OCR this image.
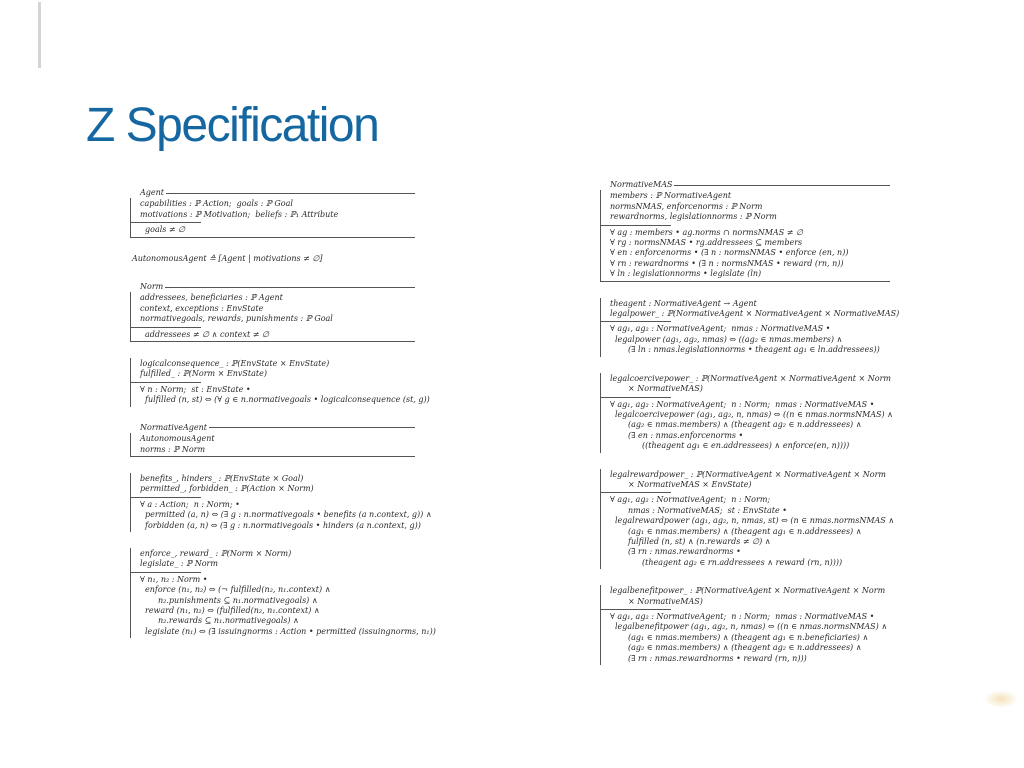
Z Specification
Agent
capabilities : ℙ Action;  goals : ℙ Goal
motivations : ℙ Motivation;  beliefs : ℙ₁ Attribute
goals ≠ ∅
AutonomousAgent ≙ [Agent | motivations ≠ ∅]
Norm
addressees, beneficiaries : ℙ Agent
context, exceptions : EnvState
normativegoals, rewards, punishments : ℙ Goal
addressees ≠ ∅ ∧ context ≠ ∅
logicalconsequence_ : ℙ(EnvState × EnvState)
fulfilled_ : ℙ(Norm × EnvState)
∀ n : Norm;  st : EnvState •
fulfilled (n, st) ⇔ (∀ g ∈ n.normativegoals • logicalconsequence (st, g))
NormativeAgent
AutonomousAgent
norms : ℙ Norm
benefits_, hinders_ : ℙ(EnvState × Goal)
permitted_, forbidden_ : ℙ(Action × Norm)
∀ a : Action;  n : Norm; •
permitted (a, n) ⇔ (∃ g : n.normativegoals • benefits (a n.context, g)) ∧
forbidden (a, n) ⇔ (∃ g : n.normativegoals • hinders (a n.context, g))
enforce_, reward_ : ℙ(Norm × Norm)
legislate_ : ℙ Norm
∀ n₁, n₂ : Norm •
enforce (n₁, n₂) ⇔ (¬ fulfilled(n₂, n₁.context) ∧
n₂.punishments ⊆ n₁.normativegoals) ∧
reward (n₁, n₂) ⇔ (fulfilled(n₂, n₁.context) ∧
n₂.rewards ⊆ n₁.normativegoals) ∧
legislate (n₁) ⇔ (∃ issuingnorms : Action • permitted (issuingnorms, n₁))
NormativeMAS
members : ℙ NormativeAgent
normsNMAS, enforcenorms : ℙ Norm
rewardnorms, legislationnorms : ℙ Norm
∀ ag : members • ag.norms ∩ normsNMAS ≠ ∅
∀ rg : normsNMAS • rg.addressees ⊆ members
∀ en : enforcenorms • (∃ n : normsNMAS • enforce (en, n))
∀ rn : rewardnorms • (∃ n : normsNMAS • reward (rn, n))
∀ ln : legislationnorms • legislate (ln)
theagent : NormativeAgent → Agent
legalpower_ : ℙ(NormativeAgent × NormativeAgent × NormativeMAS)
∀ ag₁, ag₂ : NormativeAgent;  nmas : NormativeMAS •
legalpower (ag₁, ag₂, nmas) ⇔ ((ag₂ ∈ nmas.members) ∧
(∃ ln : nmas.legislationnorms • theagent ag₁ ∈ ln.addressees))
legalcoercivepower_ : ℙ(NormativeAgent × NormativeAgent × Norm
× NormativeMAS)
∀ ag₁, ag₂ : NormativeAgent;  n : Norm;  nmas : NormativeMAS •
legalcoercivepower (ag₁, ag₂, n, nmas) ⇔ ((n ∈ nmas.normsNMAS) ∧
(ag₂ ∈ nmas.members) ∧ (theagent ag₂ ∈ n.addressees) ∧
(∃ en : nmas.enforcenorms •
((theagent ag₁ ∈ en.addressees) ∧ enforce(en, n))))
legalrewardpower_ : ℙ(NormativeAgent × NormativeAgent × Norm
× NormativeMAS × EnvState)
∀ ag₁, ag₂ : NormativeAgent;  n : Norm;
nmas : NormativeMAS;  st : EnvState •
legalrewardpower (ag₁, ag₂, n, nmas, st) ⇔ (n ∈ nmas.normsNMAS ∧
(ag₁ ∈ nmas.members) ∧ (theagent ag₁ ∈ n.addressees) ∧
fulfilled (n, st) ∧ (n.rewards ≠ ∅) ∧
(∃ rn : nmas.rewardnorms •
(theagent ag₂ ∈ rn.addressees ∧ reward (rn, n))))
legalbenefitpower_ : ℙ(NormativeAgent × NormativeAgent × Norm
× NormativeMAS)
∀ ag₁, ag₂ : NormativeAgent;  n : Norm;  nmas : NormativeMAS •
legalbenefitpower (ag₁, ag₂, n, nmas) ⇔ ((n ∈ nmas.normsNMAS) ∧
(ag₁ ∈ nmas.members) ∧ (theagent ag₁ ∈ n.beneficiaries) ∧
(ag₂ ∈ nmas.members) ∧ (theagent ag₂ ∈ n.addressees) ∧
(∃ rn : nmas.rewardnorms • reward (rn, n)))
